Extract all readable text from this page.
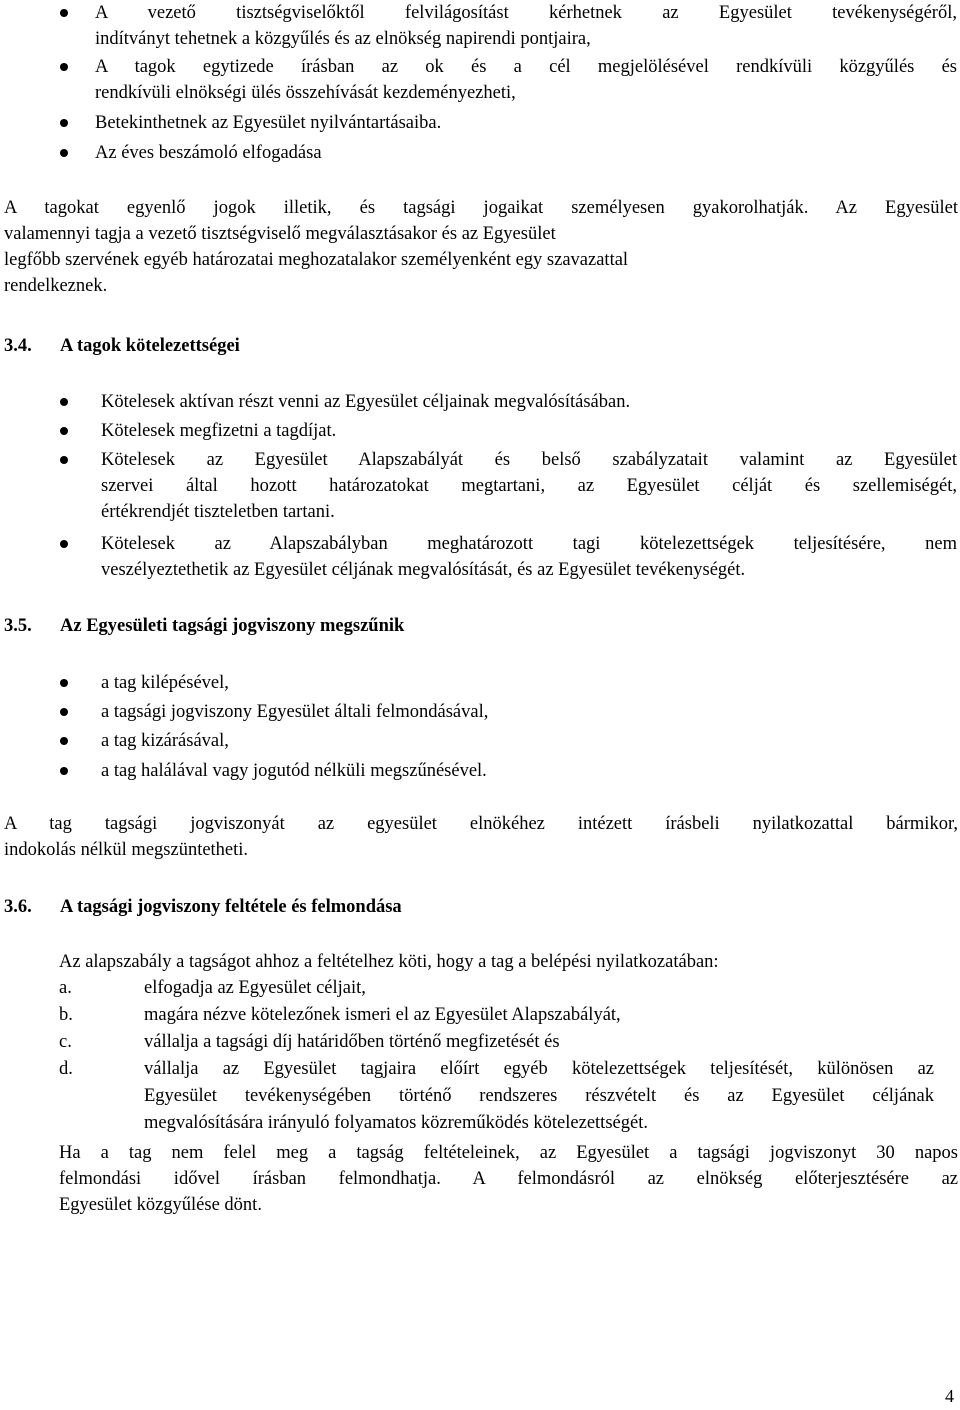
A vezető tisztségviselőktől felvilágosítást kérhetnek az Egyesület tevékenységéről,
indítványt tehetnek a közgyűlés és az elnökség napirendi pontjaira,
A tagok egytizede írásban az ok és a cél megjelölésével rendkívüli közgyűlés és
rendkívüli elnökségi ülés összehívását kezdeményezheti,
Betekinthetnek az Egyesület nyilvántartásaiba.
Az éves beszámoló elfogadása
A tagokat egyenlő jogok illetik, és tagsági jogaikat személyesen gyakorolhatják. Az Egyesület
valamennyi tagja a vezető tisztségviselő megválasztásakor és az Egyesület
legfőbb szervének egyéb határozatai meghozatalakor személyenként egy szavazattal
rendelkeznek.
3.4. A tagok kötelezettségei
Kötelesek aktívan részt venni az Egyesület céljainak megvalósításában.
Kötelesek megfizetni a tagdíjat.
Kötelesek az Egyesület Alapszabályát és belső szabályzatait valamint az Egyesület
szervei által hozott határozatokat megtartani, az Egyesület célját és szellemiségét,
értékrendjét tiszteletben tartani.
Kötelesek az Alapszabályban meghatározott tagi kötelezettségek teljesítésére, nem
veszélyeztethetik az Egyesület céljának megvalósítását, és az Egyesület tevékenységét.
3.5. Az Egyesületi tagsági jogviszony megszűnik
a tag kilépésével,
a tagsági jogviszony Egyesület általi felmondásával,
a tag kizárásával,
a tag halálával vagy jogutód nélküli megszűnésével.
A tag tagsági jogviszonyát az egyesület elnökéhez intézett írásbeli nyilatkozattal bármikor,
indokolás nélkül megszüntetheti.
3.6. A tagsági jogviszony feltétele és felmondása
Az alapszabály a tagságot ahhoz a feltételhez köti, hogy a tag a belépési nyilatkozatában:
a.	elfogadja az Egyesület céljait,
b.	magára nézve kötelezőnek ismeri el az Egyesület Alapszabályát,
c.	vállalja a tagsági díj határidőben történő megfizetését és
d.	vállalja az Egyesület tagjaira előírt egyéb kötelezettségek teljesítését, különösen az
Egyesület tevékenységében történő rendszeres részvételt és az Egyesület céljának
megvalósítására irányuló folyamatos közreműködés kötelezettségét.
Ha a tag nem felel meg a tagság feltételeinek, az Egyesület a tagsági jogviszonyt 30 napos
felmondási idővel írásban felmondhatja. A felmondásról az elnökség előterjesztésére az
Egyesület közgyűlése dönt.
4
